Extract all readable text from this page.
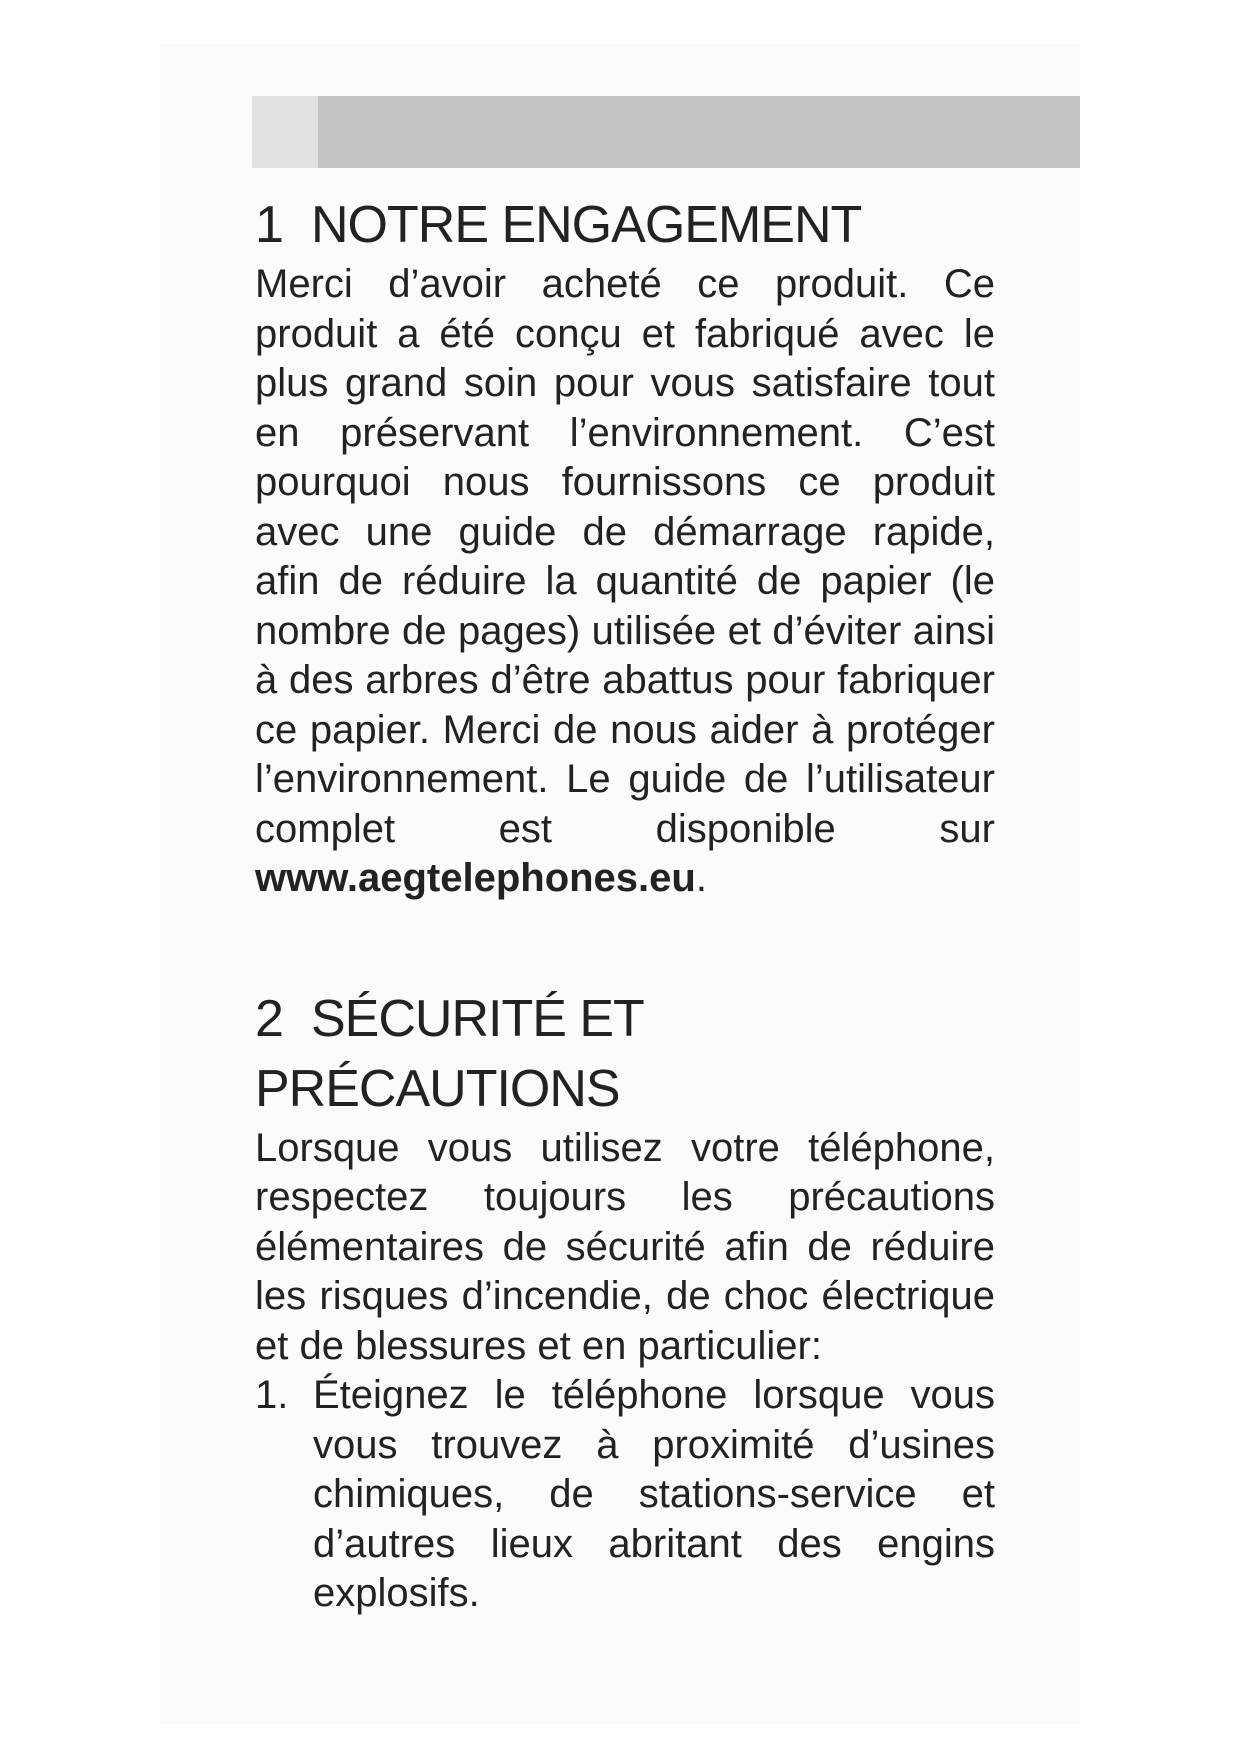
1 NOTRE ENGAGEMENT

Merci d’avoir acheté ce produit. Ce produit a été conçu et fabriqué avec le plus grand soin pour vous satisfaire tout en préservant l’environnement. C’est pourquoi nous fournissons ce produit avec une guide de démarrage rapide, afin de réduire la quantité de papier (le nombre de pages) utilisée et d’éviter ainsi à des arbres d’être abattus pour fabriquer ce papier. Merci de nous aider à protéger l’environnement. Le guide de l’utilisateur complet est disponible sur www.aegtelephones.eu.

2 SÉCURITÉ ET PRÉCAUTIONS

Lorsque vous utilisez votre téléphone, respectez toujours les précautions élémentaires de sécurité afin de réduire les risques d’incendie, de choc électrique et de blessures et en particulier:

1. Éteignez le téléphone lorsque vous vous trouvez à proximité d’usines chimiques, de stations-service et d’autres lieux abritant des engins explosifs.
